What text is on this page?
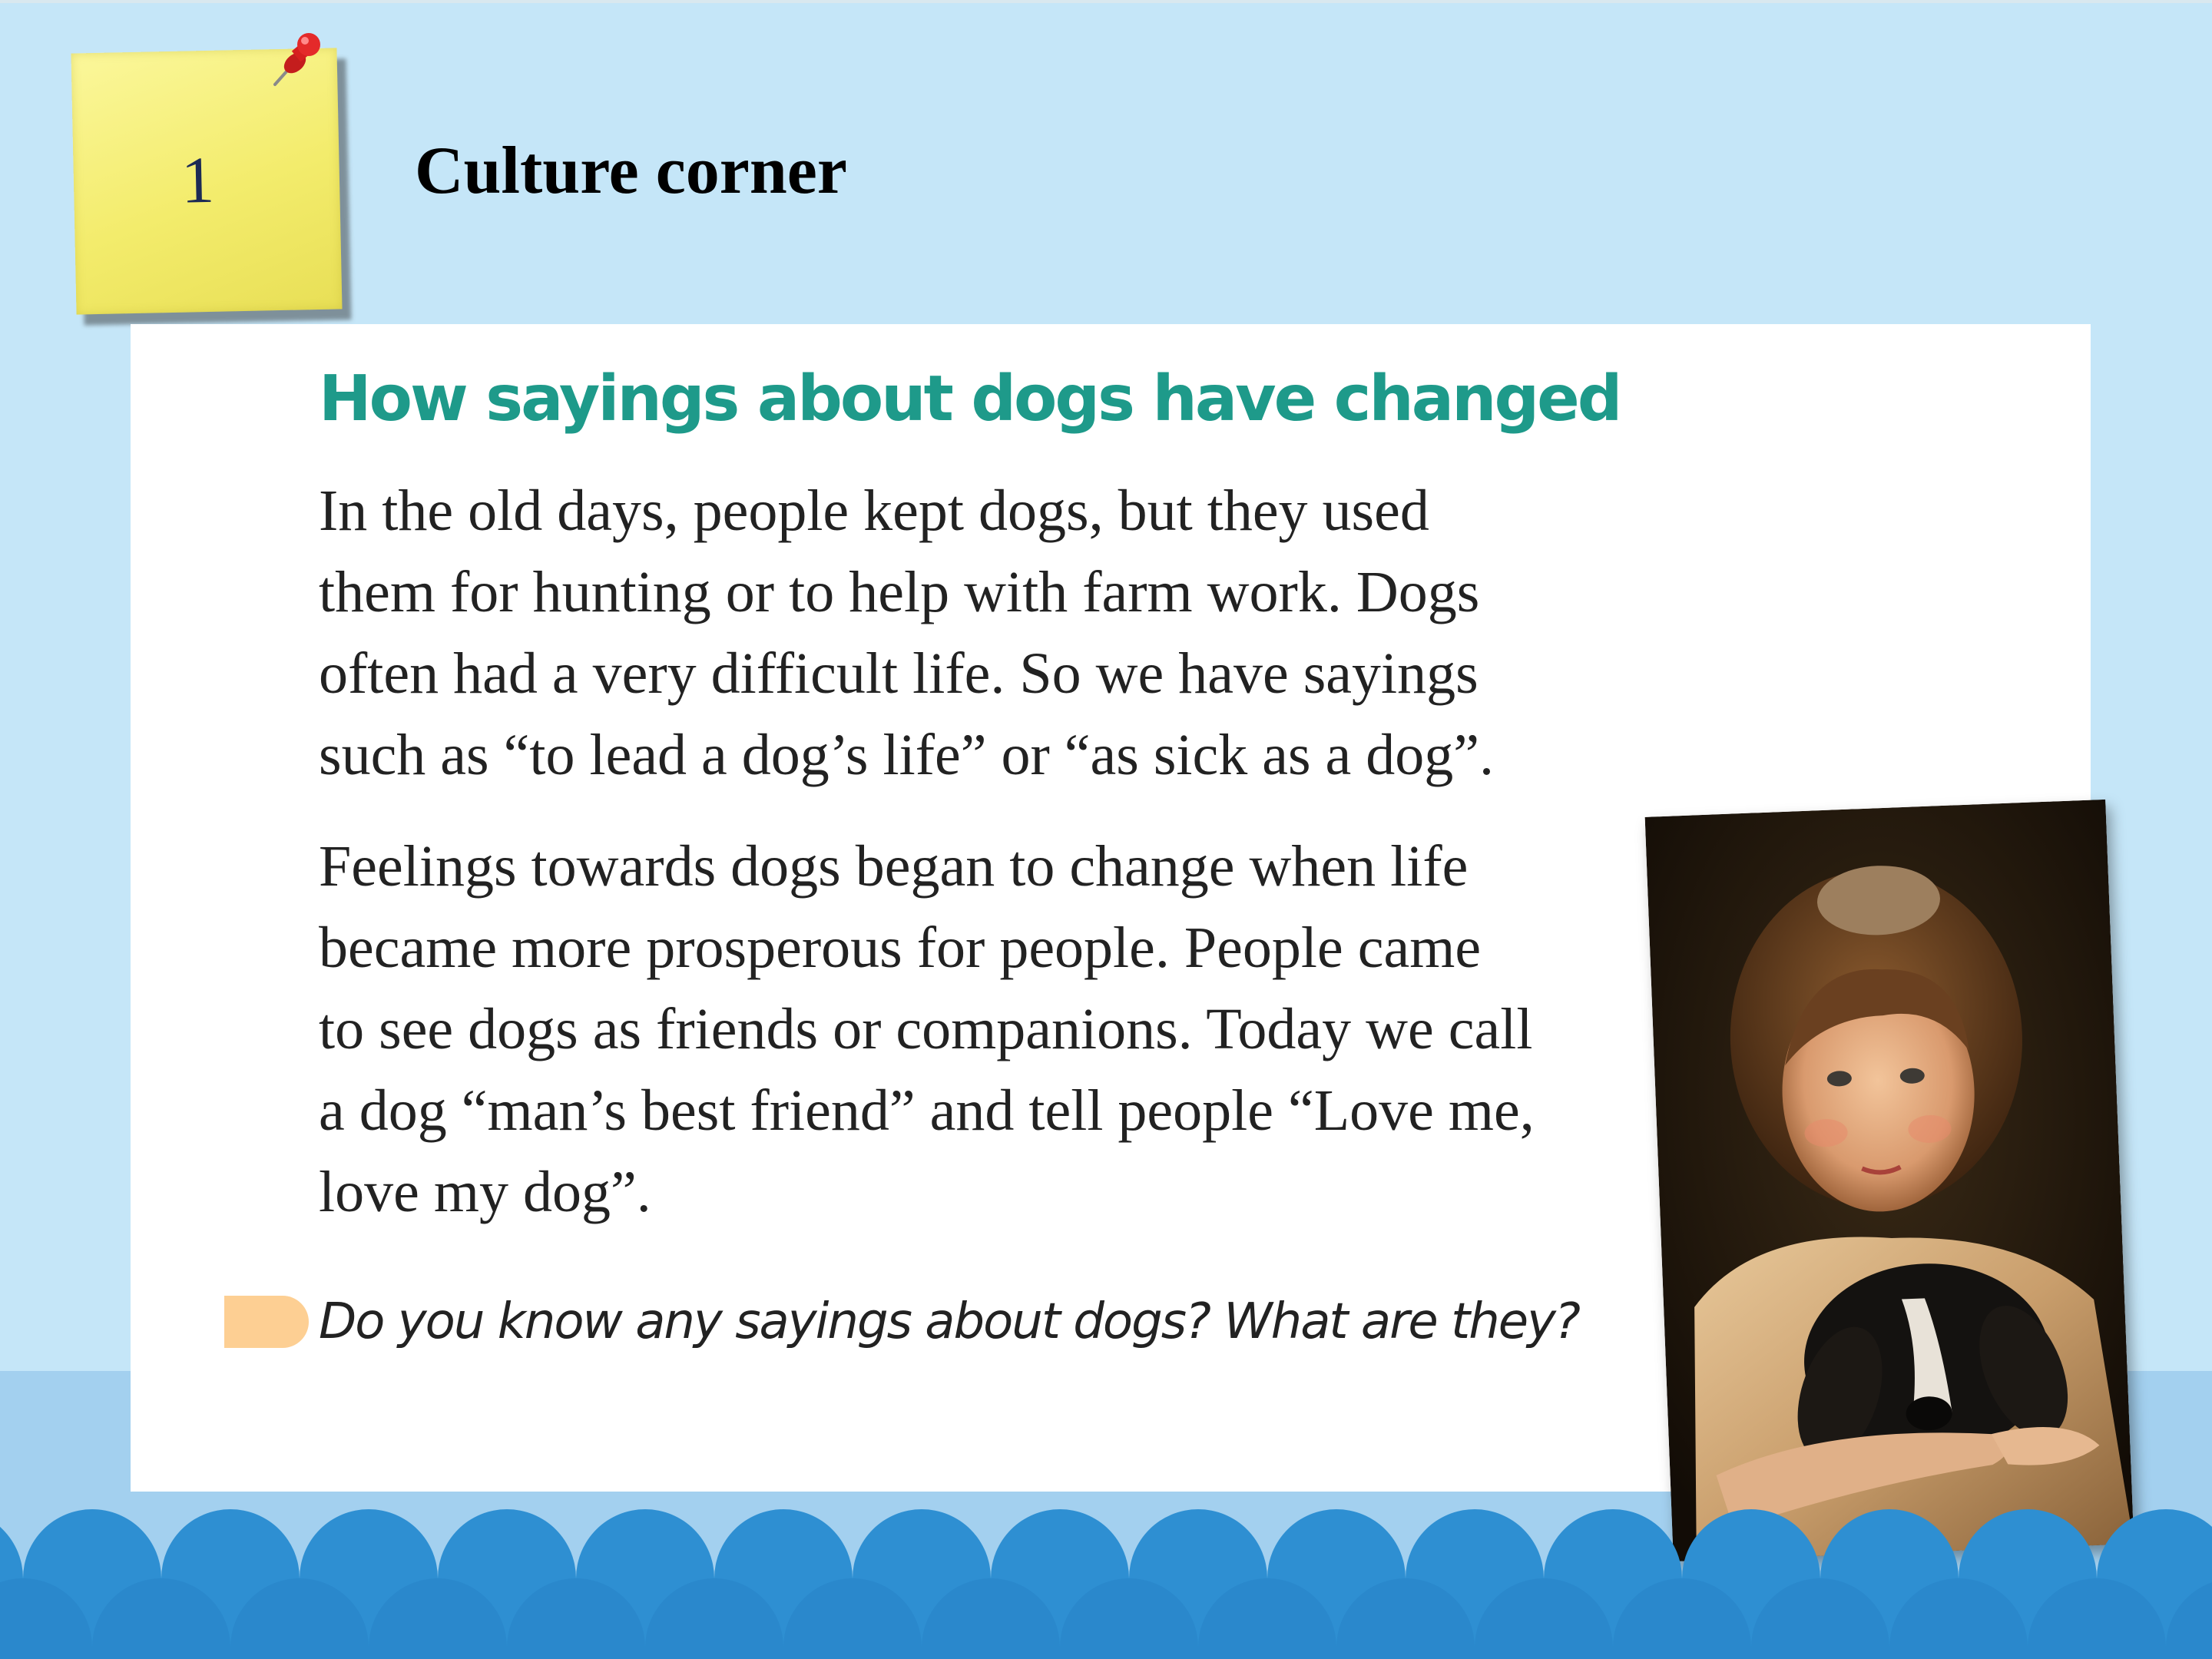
1	Culture corner
How sayings about dogs have changed
In the old days, people kept dogs, but they used
them for hunting or to help with farm work. Dogs
often had a very difficult life. So we have sayings
such as “to lead a dog’s life” or “as sick as a dog”.
Feelings towards dogs began to change when life
became more prosperous for people. People came
to see dogs as friends or companions. Today we call
a dog “man’s best friend” and tell people “Love me,
love my dog”.
Do you know any sayings about dogs? What are they?
